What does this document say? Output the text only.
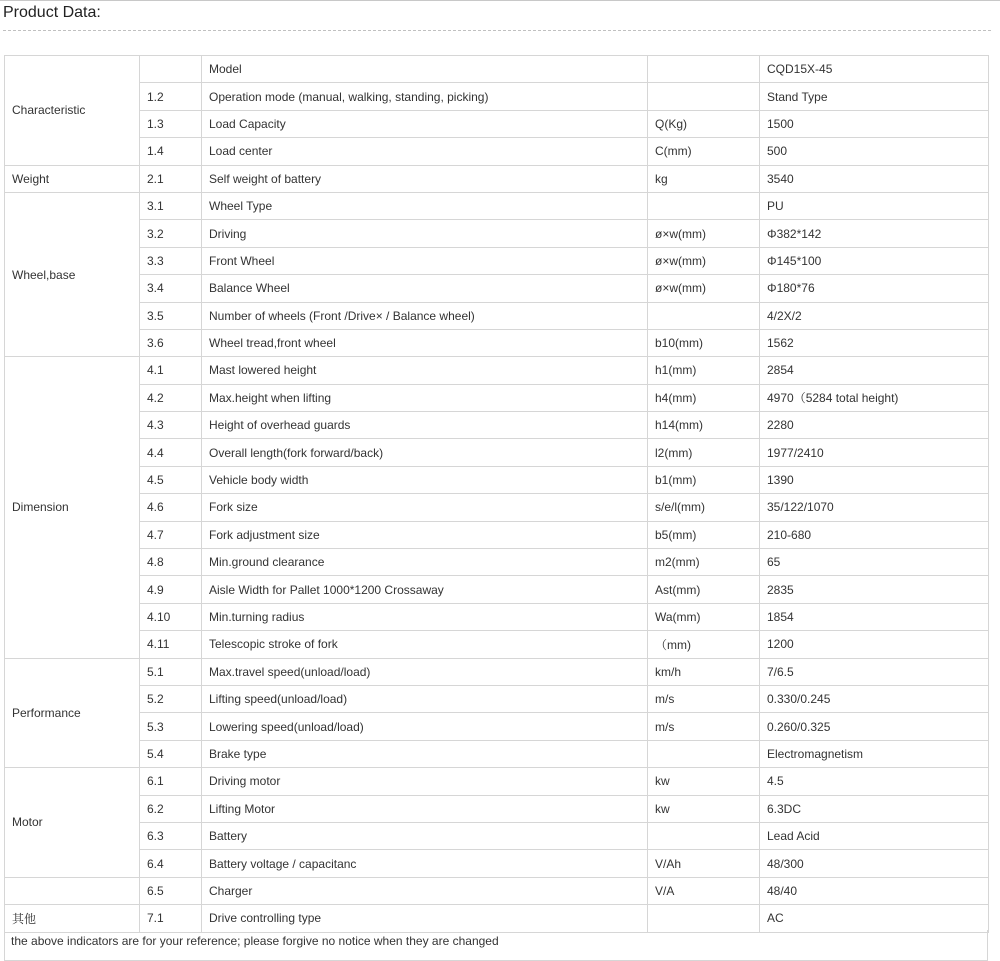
Product Data:
Characteristic		Model		CQD15X-45
	1.2	Operation mode (manual, walking, standing, picking)		Stand Type
	1.3	Load Capacity	Q(Kg)	1500
	1.4	Load center	C(mm)	500
Weight	2.1	Self weight of battery	kg	3540
Wheel,base	3.1	Wheel Type		PU
	3.2	Driving	ø×w(mm)	Φ382*142
	3.3	Front Wheel	ø×w(mm)	Φ145*100
	3.4	Balance Wheel	ø×w(mm)	Φ180*76
	3.5	Number of wheels (Front /Drive× / Balance wheel)		4/2X/2
	3.6	Wheel tread,front wheel	b10(mm)	1562
Dimension	4.1	Mast lowered height	h1(mm)	2854
	4.2	Max.height when lifting	h4(mm)	4970（5284 total height)
	4.3	Height of overhead guards	h14(mm)	2280
	4.4	Overall length(fork forward/back)	l2(mm)	1977/2410
	4.5	Vehicle body width	b1(mm)	1390
	4.6	Fork size	s/e/l(mm)	35/122/1070
	4.7	Fork adjustment size	b5(mm)	210-680
	4.8	Min.ground clearance	m2(mm)	65
	4.9	Aisle Width for Pallet 1000*1200 Crossaway	Ast(mm)	2835
	4.10	Min.turning radius	Wa(mm)	1854
	4.11	Telescopic stroke of fork	（mm)	1200
Performance	5.1	Max.travel speed(unload/load)	km/h	7/6.5
	5.2	Lifting speed(unload/load)	m/s	0.330/0.245
	5.3	Lowering speed(unload/load)	m/s	0.260/0.325
	5.4	Brake type		Electromagnetism
Motor	6.1	Driving motor	kw	4.5
	6.2	Lifting Motor	kw	6.3DC
	6.3	Battery		Lead Acid
	6.4	Battery voltage / capacitanc	V/Ah	48/300
	6.5	Charger	V/A	48/40
其他	7.1	Drive controlling type		AC
the above indicators are for your reference; please forgive no notice when they are changed
